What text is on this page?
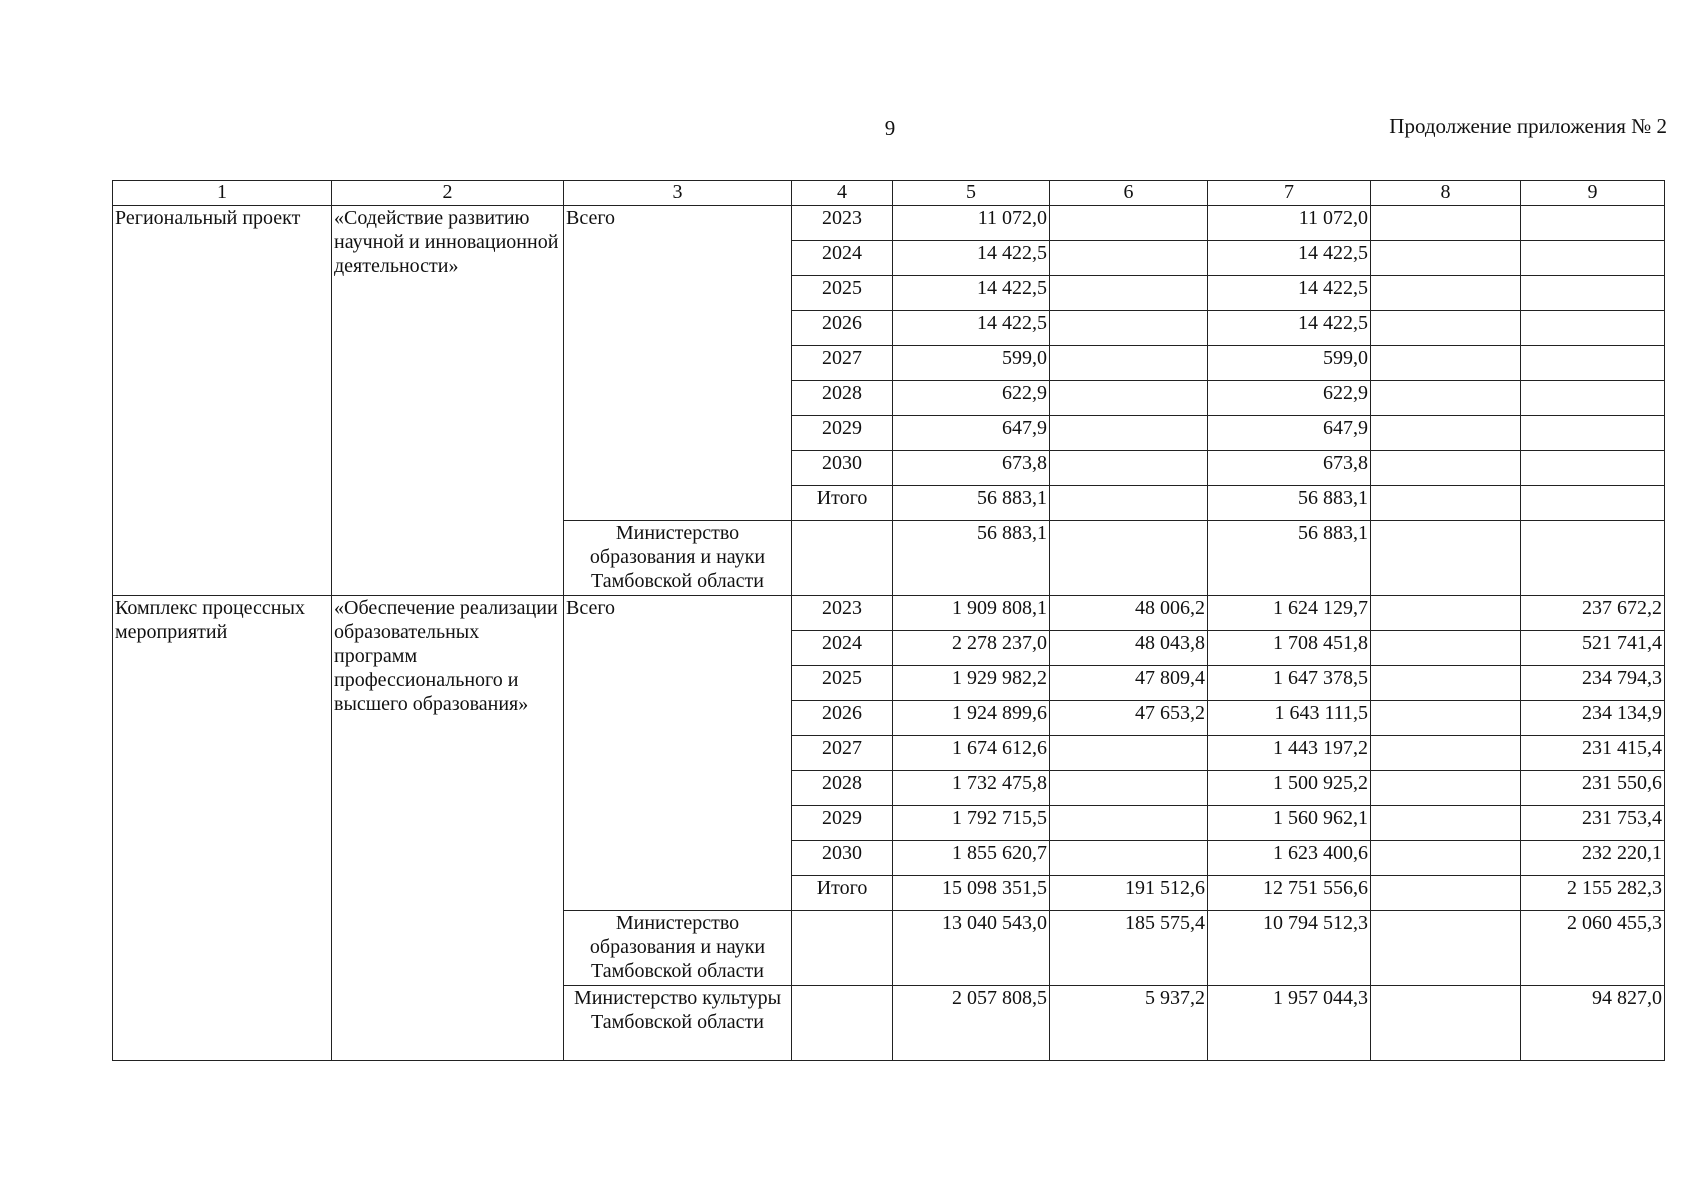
9	Продолжение приложения № 2
1	2	3	4	5	6	7	8	9
Региональный проект	«Содействие развитию научной и инновационной деятельности»	Всего	2023	11 072,0		11 072,0		
			2024	14 422,5		14 422,5		
			2025	14 422,5		14 422,5		
			2026	14 422,5		14 422,5		
			2027	599,0		599,0		
			2028	622,9		622,9		
			2029	647,9		647,9		
			2030	673,8		673,8		
			Итого	56 883,1		56 883,1		
		Министерство образования и науки Тамбовской области		56 883,1		56 883,1		
Комплекс процессных мероприятий	«Обеспечение реализации образовательных программ профессионального и высшего образования»	Всего	2023	1 909 808,1	48 006,2	1 624 129,7		237 672,2
			2024	2 278 237,0	48 043,8	1 708 451,8		521 741,4
			2025	1 929 982,2	47 809,4	1 647 378,5		234 794,3
			2026	1 924 899,6	47 653,2	1 643 111,5		234 134,9
			2027	1 674 612,6		1 443 197,2		231 415,4
			2028	1 732 475,8		1 500 925,2		231 550,6
			2029	1 792 715,5		1 560 962,1		231 753,4
			2030	1 855 620,7		1 623 400,6		232 220,1
			Итого	15 098 351,5	191 512,6	12 751 556,6		2 155 282,3
		Министерство образования и науки Тамбовской области		13 040 543,0	185 575,4	10 794 512,3		2 060 455,3
		Министерство культуры Тамбовской области		2 057 808,5	5 937,2	1 957 044,3		94 827,0
